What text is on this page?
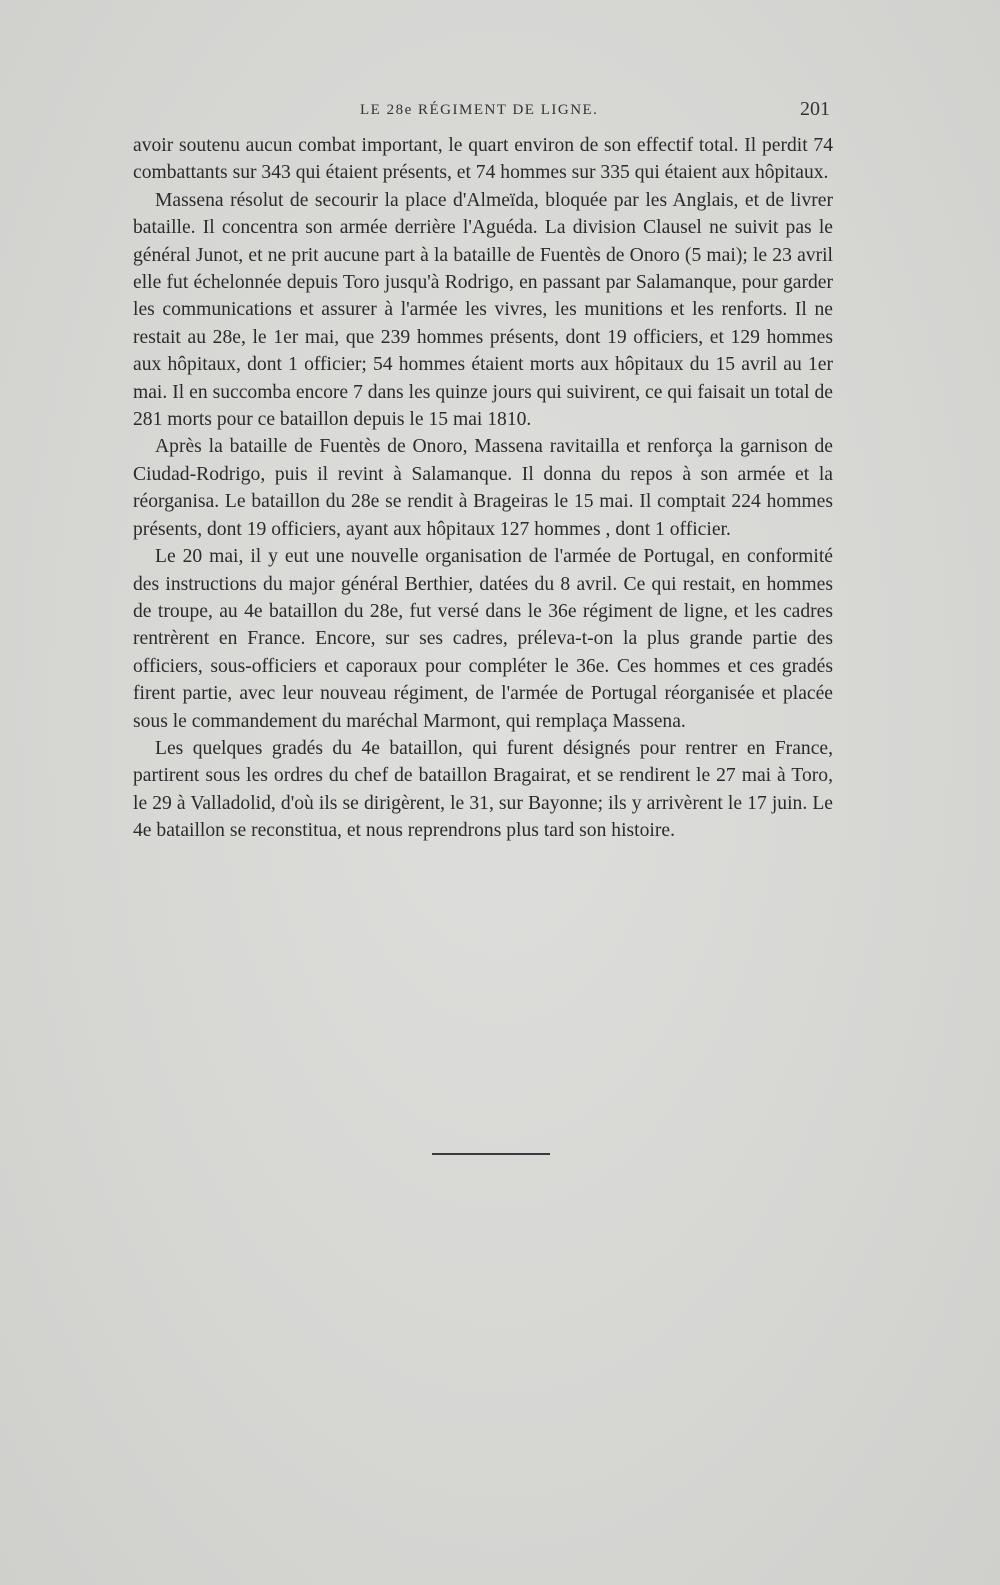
LE 28e RÉGIMENT DE LIGNE.	201

avoir soutenu aucun combat important, le quart environ de son effectif total. Il perdit 74 combattants sur 343 qui étaient présents, et 74 hommes sur 335 qui étaient aux hôpitaux.

Massena résolut de secourir la place d'Almeïda, bloquée par les Anglais, et de livrer bataille. Il concentra son armée derrière l'Aguéda. La division Clausel ne suivit pas le général Junot, et ne prit aucune part à la bataille de Fuentès de Onoro (5 mai); le 23 avril elle fut échelonnée depuis Toro jusqu'à Rodrigo, en passant par Salamanque, pour garder les communications et assurer à l'armée les vivres, les munitions et les renforts. Il ne restait au 28e, le 1er mai, que 239 hommes présents, dont 19 officiers, et 129 hommes aux hôpitaux, dont 1 officier; 54 hommes étaient morts aux hôpitaux du 15 avril au 1er mai. Il en succomba encore 7 dans les quinze jours qui suivirent, ce qui faisait un total de 281 morts pour ce bataillon depuis le 15 mai 1810.

Après la bataille de Fuentès de Onoro, Massena ravitailla et renforça la garnison de Ciudad-Rodrigo, puis il revint à Salamanque. Il donna du repos à son armée et la réorganisa. Le bataillon du 28e se rendit à Brageiras le 15 mai. Il comptait 224 hommes présents, dont 19 officiers, ayant aux hôpitaux 127 hommes , dont 1 officier.

Le 20 mai, il y eut une nouvelle organisation de l'armée de Portugal, en conformité des instructions du major général Berthier, datées du 8 avril. Ce qui restait, en hommes de troupe, au 4e bataillon du 28e, fut versé dans le 36e régiment de ligne, et les cadres rentrèrent en France. Encore, sur ses cadres, préleva-t-on la plus grande partie des officiers, sous-officiers et caporaux pour compléter le 36e. Ces hommes et ces gradés firent partie, avec leur nouveau régiment, de l'armée de Portugal réorganisée et placée sous le commandement du maréchal Marmont, qui remplaça Massena.

Les quelques gradés du 4e bataillon, qui furent désignés pour rentrer en France, partirent sous les ordres du chef de bataillon Bragairat, et se rendirent le 27 mai à Toro, le 29 à Valladolid, d'où ils se dirigèrent, le 31, sur Bayonne; ils y arrivèrent le 17 juin. Le 4e bataillon se reconstitua, et nous reprendrons plus tard son histoire.
